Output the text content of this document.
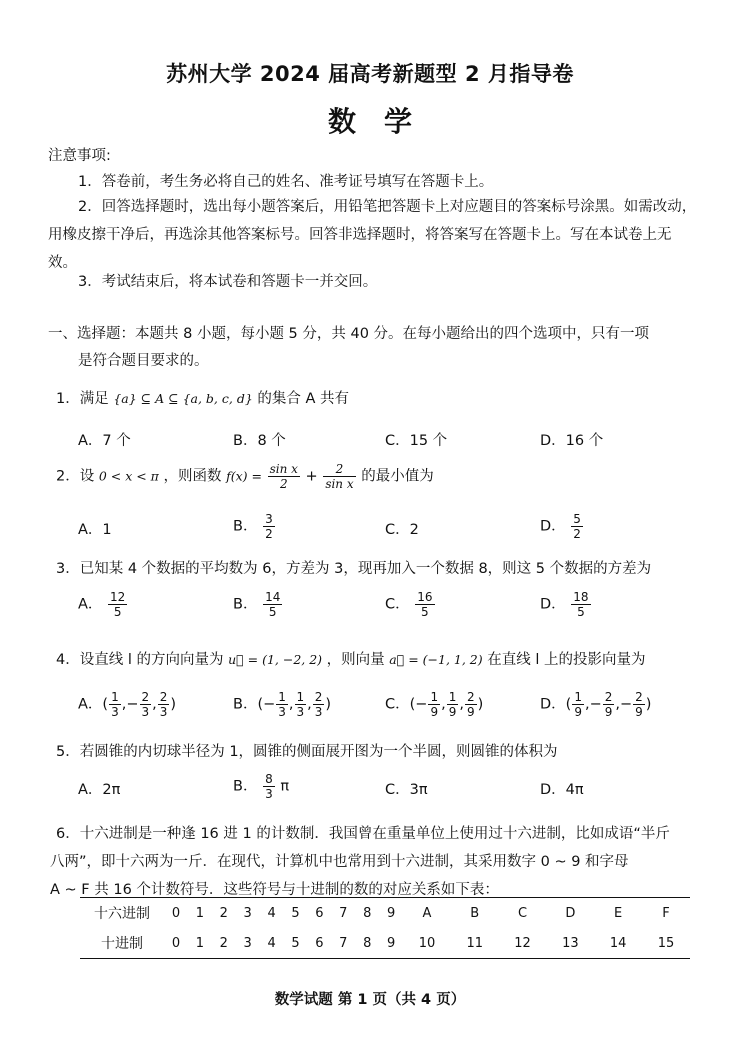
苏州大学 2024 届高考新题型 2 月指导卷
数学
注意事项:
1．答卷前，考生务必将自己的姓名、准考证号填写在答题卡上。
2．回答选择题时，选出每小题答案后，用铅笔把答题卡上对应题目的答案标号涂黑。如需改动，用橡皮擦干净后，再选涂其他答案标号。回答非选择题时，将答案写在答题卡上。写在本试卷上无效。
3．考试结束后，将本试卷和答题卡一并交回。
一、选择题：本题共 8 小题，每小题 5 分，共 40 分。在每小题给出的四个选项中，只有一项
是符合题目要求的。
1．满足 {a} ⊆ A ⊆ {a, b, c, d} 的集合 A 共有
A．7 个	B．8 个	C．15 个	D．16 个
2．设 0 < x < π ，则函数 $f(x) = \frac{\text{sin x}}{2} + \frac{2}{\text{sin x}}$ 的最小值为
A．1	B． $\frac{3}{2}$	C．2	D． $\frac{5}{2}$
3．已知某 4 个数据的平均数为 6，方差为 3，现再加入一个数据 8，则这 5 个数据的方差为
A． $\frac{12}{5}$	B． $\frac{14}{5}$	C． $\frac{16}{5}$	D． $\frac{18}{5}$
4．设直线 l 的方向向量为 u⃗ = (1, −2, 2) ，则向量 a⃗ = (−1, 1, 2) 在直线 l 上的投影向量为
A．( $\frac{1}{3}$ ,− $\frac{2}{3}$ , $\frac{2}{3}$ )	B．(− $\frac{1}{3}$ , $\frac{1}{3}$ , $\frac{2}{3}$ )	C．(− $\frac{1}{9}$ , $\frac{1}{9}$ , $\frac{2}{9}$ )	D．( $\frac{1}{9}$ ,− $\frac{2}{9}$ ,− $\frac{2}{9}$ )
5．若圆锥的内切球半径为 1，圆锥的侧面展开图为一个半圆，则圆锥的体积为
A．2π	B． $\frac{8}{3}$ π	C．3π	D．4π
6．十六进制是一种逢 16 进 1 的计数制．我国曾在重量单位上使用过十六进制，比如成语“半斤
八两”，即十六两为一斤．在现代，计算机中也常用到十六进制，其采用数字 0 ~ 9 和字母
A ~ F 共 16 个计数符号．这些符号与十进制的数的对应关系如下表：
十六进制	0	1	2	3	4	5	6	7	8	9	A	B	C	D	E	F
十进制	0	1	2	3	4	5	6	7	8	9	10	11	12	13	14	15
数学试题 第 1 页（共 4 页）
